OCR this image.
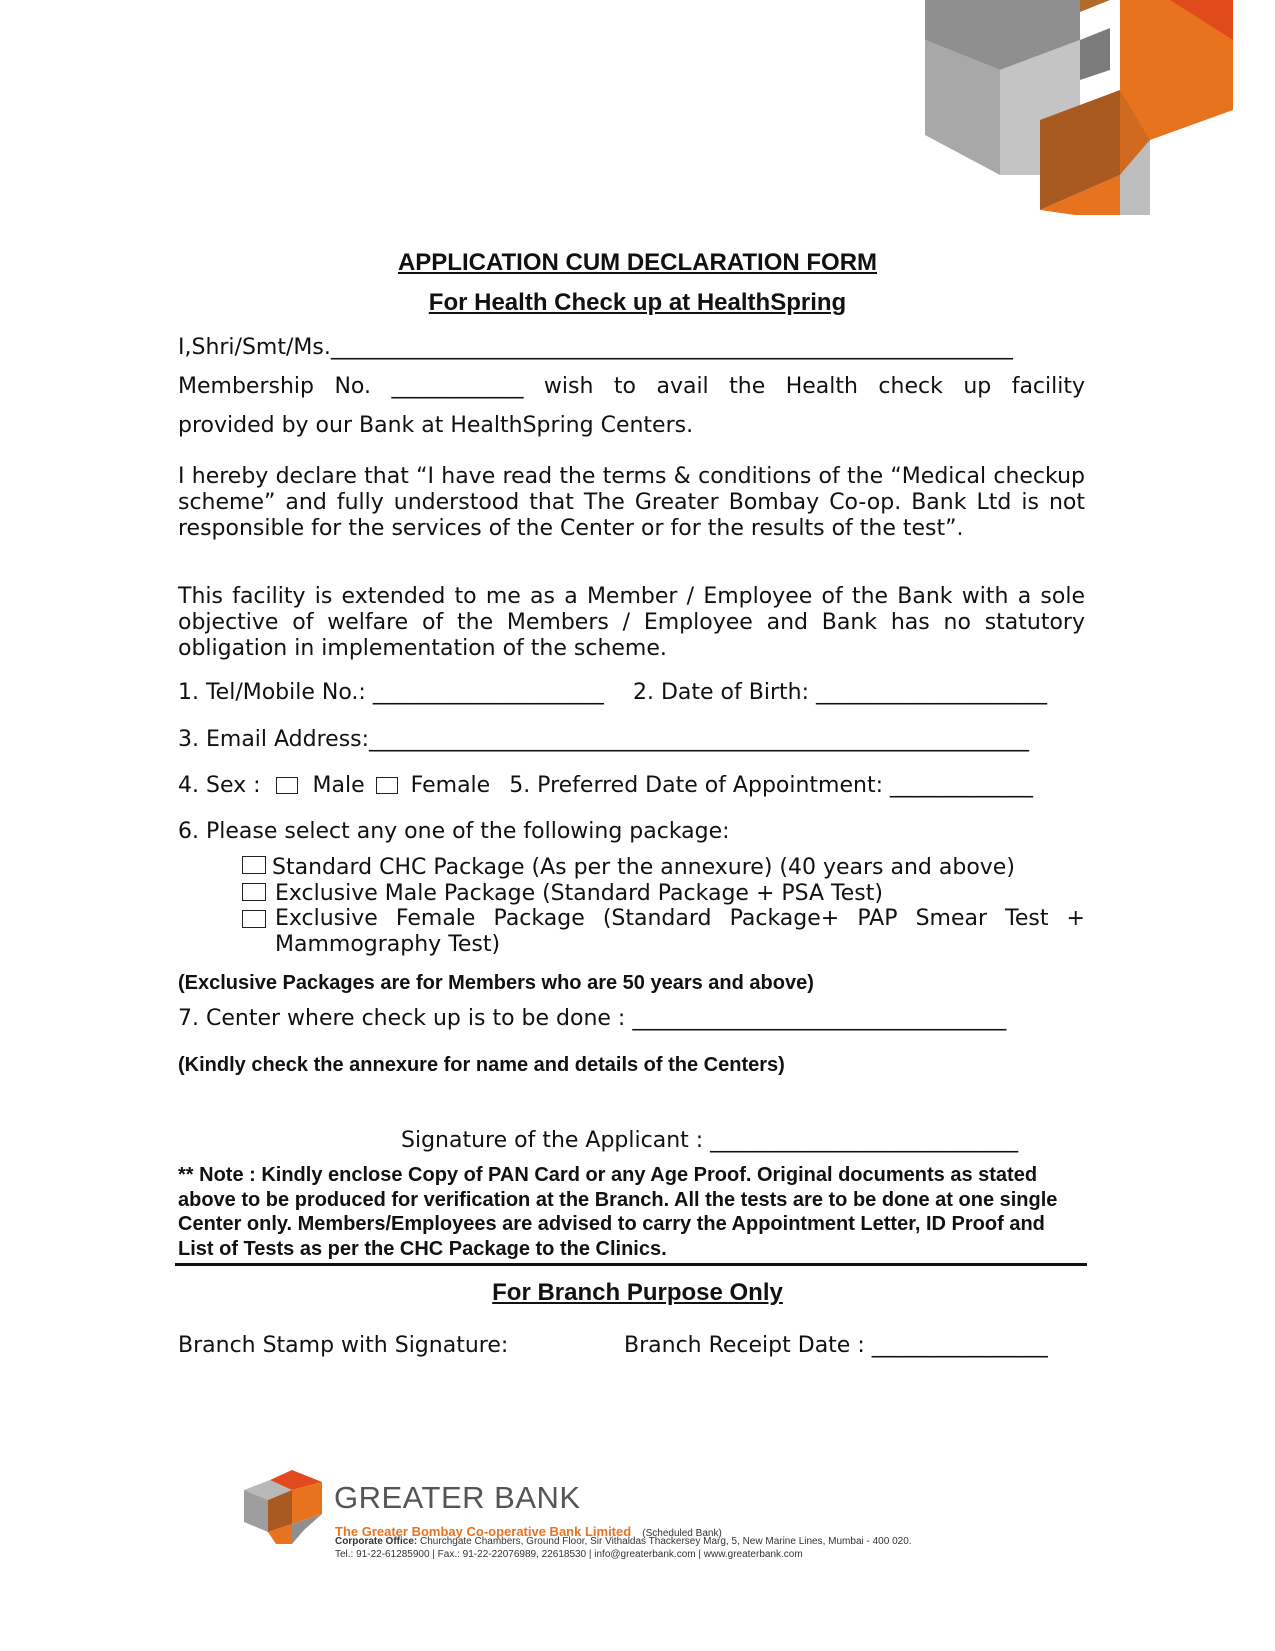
APPLICATION CUM DECLARATION FORM
For Health Check up at HealthSpring
I,Shri/Smt/Ms.______________________________________________________________
Membership No. ____________ wish to avail the Health check up facility
provided by our Bank at HealthSpring Centers.
I hereby declare that “I have read the terms & conditions of the “Medical checkup scheme” and fully understood that The Greater Bombay Co-op. Bank Ltd is not responsible for the services of the Center or for the results of the test”.
This facility is extended to me as a Member / Employee of the Bank with a sole objective of welfare of the Members / Employee and Bank has no statutory obligation in implementation of the scheme.
1. Tel/Mobile No.: _____________________ 2. Date of Birth: _____________________
3. Email Address:____________________________________________________________
4. Sex : Male Female 5. Preferred Date of Appointment: _____________
6. Please select any one of the following package:
Standard CHC Package (As per the annexure) (40 years and above)
Exclusive Male Package (Standard Package + PSA Test)
Exclusive Female Package (Standard Package+ PAP Smear Test + Mammography Test)
(Exclusive Packages are for Members who are 50 years and above)
7. Center where check up is to be done : __________________________________
(Kindly check the annexure for name and details of the Centers)
Signature of the Applicant : ____________________________
** Note : Kindly enclose Copy of PAN Card or any Age Proof. Original documents as stated above to be produced for verification at the Branch. All the tests are to be done at one single Center only. Members/Employees are advised to carry the Appointment Letter, ID Proof and List of Tests as per the CHC Package to the Clinics.
For Branch Purpose Only
Branch Stamp with Signature:	Branch Receipt Date : ________________
GREATER BANK
The Greater Bombay Co-operative Bank Limited (Scheduled Bank)
Corporate Office: Churchgate Chambers, Ground Floor, Sir Vithaldas Thackersey Marg, 5, New Marine Lines, Mumbai - 400 020.
Tel.: 91-22-61285900 | Fax.: 91-22-22076989, 22618530 | info@greaterbank.com | www.greaterbank.com
